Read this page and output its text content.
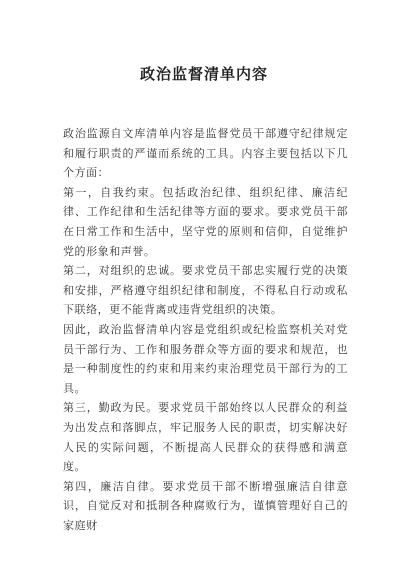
政治监督清单内容

政治监源自文库清单内容是监督党员干部遵守纪律规定和履行职责的严谨而系统的工具。内容主要包括以下几个方面：

第一，自我约束。包括政治纪律、组织纪律、廉洁纪律、工作纪律和生活纪律等方面的要求。要求党员干部在日常工作和生活中，坚守党的原则和信仰，自觉维护党的形象和声誉。

第二，对组织的忠诚。要求党员干部忠实履行党的决策和安排，严格遵守组织纪律和制度，不得私自行动或私下联络，更不能背离或违背党组织的决策。

因此，政治监督清单内容是党组织或纪检监察机关对党员干部行为、工作和服务群众等方面的要求和规范，也是一种制度性的约束和用来约束治理党员干部行为的工具。

第三，勤政为民。要求党员干部始终以人民群众的利益为出发点和落脚点，牢记服务人民的职责，切实解决好人民的实际问题，不断提高人民群众的获得感和满意度。

第四，廉洁自律。要求党员干部不断增强廉洁自律意识，自觉反对和抵制各种腐败行为，谨慎管理好自己的家庭财
